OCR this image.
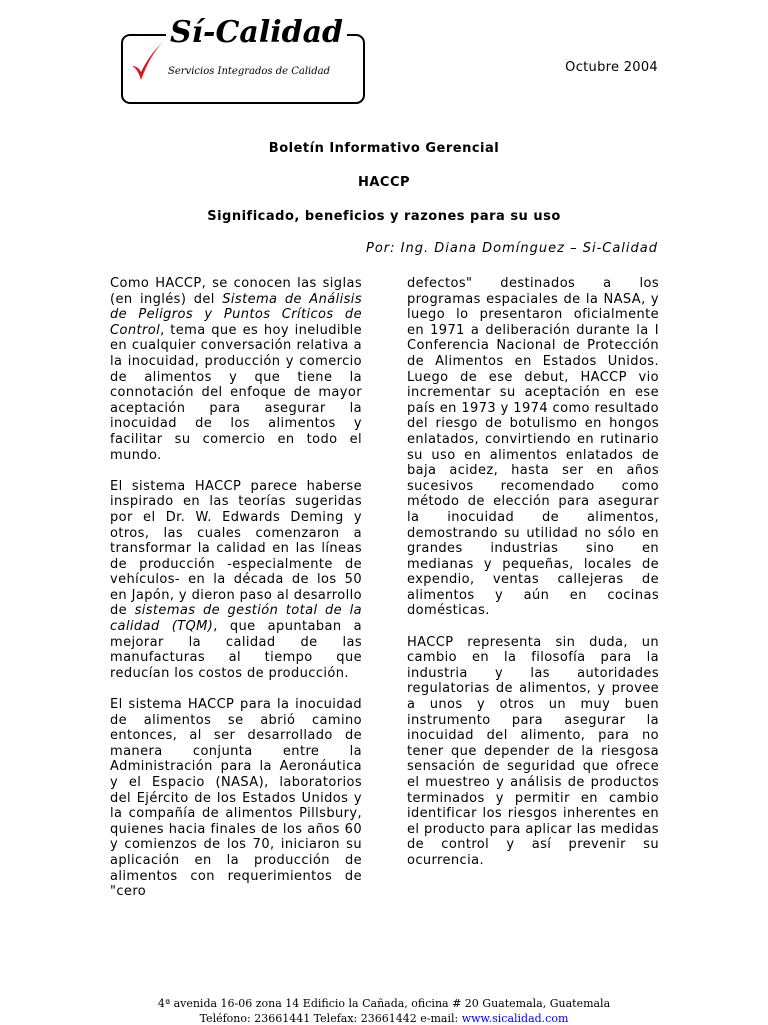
Sí-Calidad
Servicios Integrados de Calidad	Octubre 2004
Boletín Informativo Gerencial
HACCP
Significado, beneficios y razones para su uso
Por: Ing. Diana Domínguez – Si-Calidad

Como HACCP, se conocen las siglas (en inglés) del Sistema de Análisis de Peligros y Puntos Críticos de Control, tema que es hoy ineludible en cualquier conversación relativa a la inocuidad, producción y comercio de alimentos y que tiene la connotación del enfoque de mayor aceptación para asegurar la inocuidad de los alimentos y facilitar su comercio en todo el mundo.

El sistema HACCP parece haberse inspirado en las teorías sugeridas por el Dr. W. Edwards Deming y otros, las cuales comenzaron a transformar la calidad en las líneas de producción -especialmente de vehículos- en la década de los 50 en Japón, y dieron paso al desarrollo de sistemas de gestión total de la calidad (TQM), que apuntaban a mejorar la calidad de las manufacturas al tiempo que reducían los costos de producción.

El sistema HACCP para la inocuidad de alimentos se abrió camino entonces, al ser desarrollado de manera conjunta entre la Administración para la Aeronáutica y el Espacio (NASA), laboratorios del Ejército de los Estados Unidos y la compañía de alimentos Pillsbury, quienes hacia finales de los años 60 y comienzos de los 70, iniciaron su aplicación en la producción de alimentos con requerimientos de "cero

defectos" destinados a los programas espaciales de la NASA, y luego lo presentaron oficialmente en 1971 a deliberación durante la I Conferencia Nacional de Protección de Alimentos en Estados Unidos. Luego de ese debut, HACCP vio incrementar su aceptación en ese país en 1973 y 1974 como resultado del riesgo de botulismo en hongos enlatados, convirtiendo en rutinario su uso en alimentos enlatados de baja acidez, hasta ser en años sucesivos recomendado como método de elección para asegurar la inocuidad de alimentos, demostrando su utilidad no sólo en grandes industrias sino en medianas y pequeñas, locales de expendio, ventas callejeras de alimentos y aún en cocinas domésticas.

HACCP representa sin duda, un cambio en la filosofía para la industria y las autoridades regulatorias de alimentos, y provee a unos y otros un muy buen instrumento para asegurar la inocuidad del alimento, para no tener que depender de la riesgosa sensación de seguridad que ofrece el muestreo y análisis de productos terminados y permitir en cambio identificar los riesgos inherentes en el producto para aplicar las medidas de control y así prevenir su ocurrencia.

4ª avenida 16-06 zona 14 Edificio la Cañada, oficina # 20 Guatemala, Guatemala
Teléfono: 23661441 Telefax: 23661442 e-mail: www.sicalidad.com
